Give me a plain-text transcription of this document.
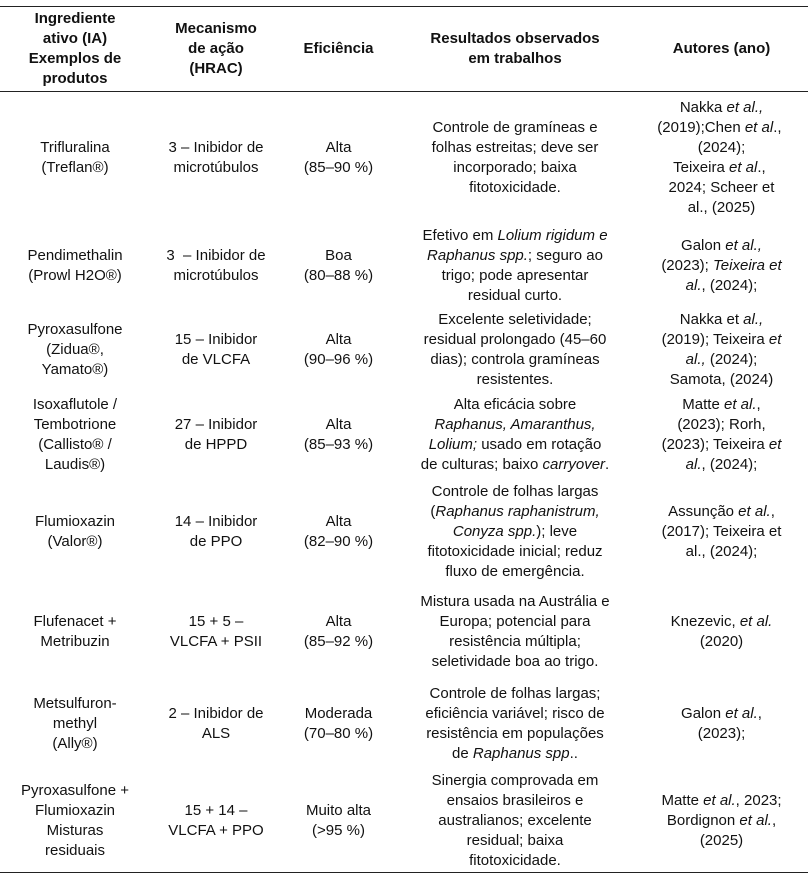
Ingrediente
ativo (IA)
Exemplos de
produtos
Mecanismo
de ação
(HRAC)
Eficiência
Resultados observados
em trabalhos
Autores (ano)
Trifluralina
(Treflan®)
3 – Inibidor de
microtúbulos
Alta
(85–90 %)
Controle de gramíneas e
folhas estreitas; deve ser
incorporado; baixa
fitotoxicidade.
Nakka et al.,
(2019);Chen et al.,
(2024);
Teixeira et al.,
2024; Scheer et
al., (2025)
Pendimethalin
(Prowl H2O®)
3  – Inibidor de
microtúbulos
Boa
(80–88 %)
Efetivo em Lolium rigidum e
Raphanus spp.; seguro ao
trigo; pode apresentar
residual curto.
Galon et al.,
(2023); Teixeira et
al., (2024);
Pyroxasulfone
(Zidua®,
Yamato®)
15 – Inibidor
de VLCFA
Alta
(90–96 %)
Excelente seletividade;
residual prolongado (45–60
dias); controla gramíneas
resistentes.
Nakka et al.,
(2019); Teixeira et
al., (2024);
Samota, (2024)
Isoxaflutole /
Tembotrione
(Callisto® /
Laudis®)
27 – Inibidor
de HPPD
Alta
(85–93 %)
Alta eficácia sobre
Raphanus, Amaranthus,
Lolium; usado em rotação
de culturas; baixo carryover.
Matte et al.,
(2023); Rorh,
(2023); Teixeira et
al., (2024);
Flumioxazin
(Valor®)
14 – Inibidor
de PPO
Alta
(82–90 %)
Controle de folhas largas
(Raphanus raphanistrum,
Conyza spp.); leve
fitotoxicidade inicial; reduz
fluxo de emergência.
Assunção et al.,
(2017); Teixeira et
al., (2024);
Flufenacet +
Metribuzin
15 + 5 –
VLCFA + PSII
Alta
(85–92 %)
Mistura usada na Austrália e
Europa; potencial para
resistência múltipla;
seletividade boa ao trigo.
Knezevic, et al.
(2020)
Metsulfuron-
methyl
(Ally®)
2 – Inibidor de
ALS
Moderada
(70–80 %)
Controle de folhas largas;
eficiência variável; risco de
resistência em populações
de Raphanus spp..
Galon et al.,
(2023);
Pyroxasulfone +
Flumioxazin
Misturas
residuais
15 + 14 –
VLCFA + PPO
Muito alta
(>95 %)
Sinergia comprovada em
ensaios brasileiros e
australianos; excelente
residual; baixa
fitotoxicidade.
Matte et al., 2023;
Bordignon et al.,
(2025)
